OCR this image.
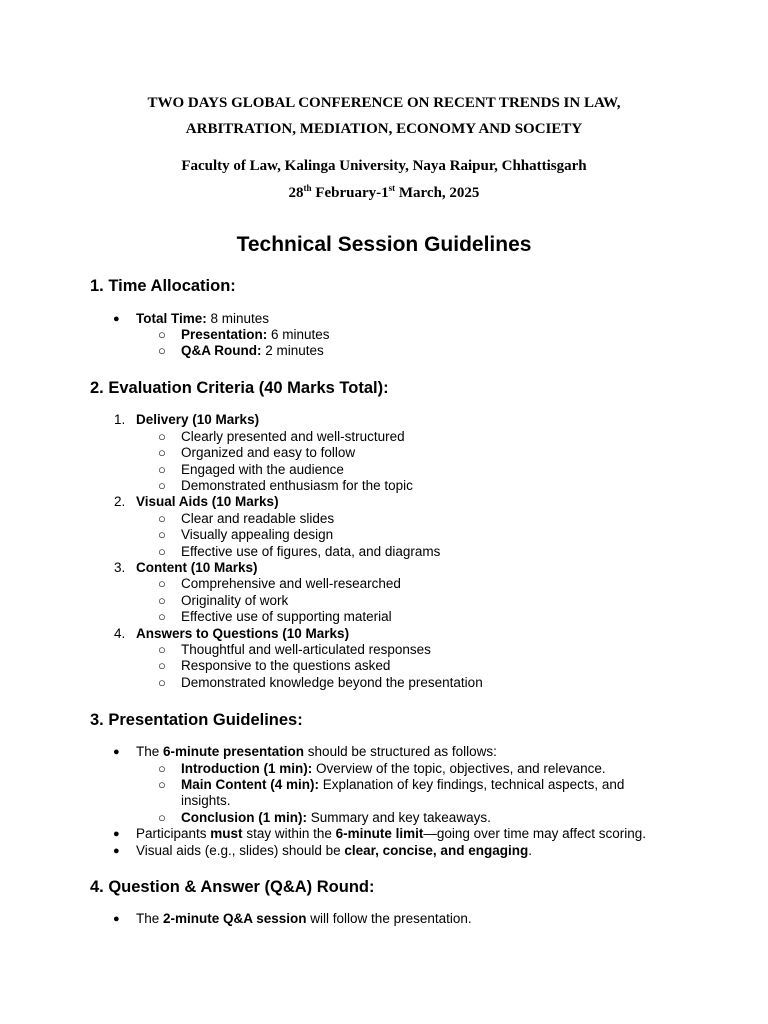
TWO DAYS GLOBAL CONFERENCE ON RECENT TRENDS IN LAW,
ARBITRATION, MEDIATION, ECONOMY AND SOCIETY
Faculty of Law, Kalinga University, Naya Raipur, Chhattisgarh
28th February-1st March, 2025
Technical Session Guidelines
1. Time Allocation:
● Total Time: 8 minutes
○ Presentation: 6 minutes
○ Q&A Round: 2 minutes
2. Evaluation Criteria (40 Marks Total):
1. Delivery (10 Marks)
○ Clearly presented and well-structured
○ Organized and easy to follow
○ Engaged with the audience
○ Demonstrated enthusiasm for the topic
2. Visual Aids (10 Marks)
○ Clear and readable slides
○ Visually appealing design
○ Effective use of figures, data, and diagrams
3. Content (10 Marks)
○ Comprehensive and well-researched
○ Originality of work
○ Effective use of supporting material
4. Answers to Questions (10 Marks)
○ Thoughtful and well-articulated responses
○ Responsive to the questions asked
○ Demonstrated knowledge beyond the presentation
3. Presentation Guidelines:
● The 6-minute presentation should be structured as follows:
○ Introduction (1 min): Overview of the topic, objectives, and relevance.
○ Main Content (4 min): Explanation of key findings, technical aspects, and
insights.
○ Conclusion (1 min): Summary and key takeaways.
● Participants must stay within the 6-minute limit—going over time may affect scoring.
● Visual aids (e.g., slides) should be clear, concise, and engaging.
4. Question & Answer (Q&A) Round:
● The 2-minute Q&A session will follow the presentation.
